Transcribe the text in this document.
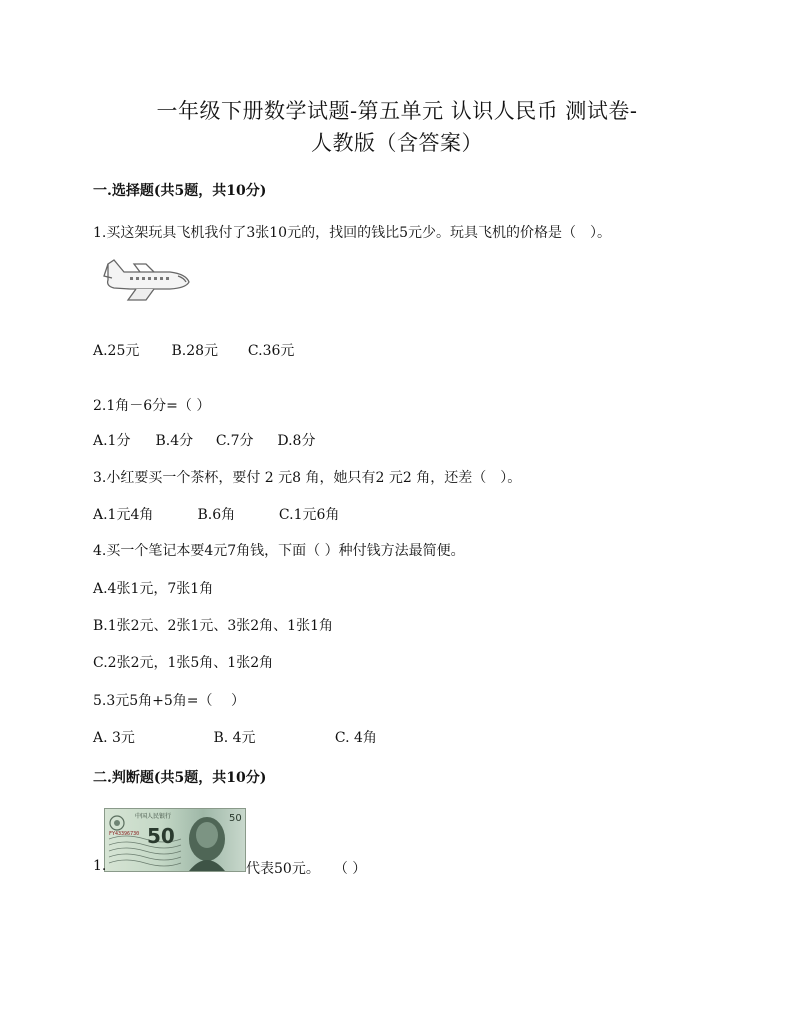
一年级下册数学试题-第五单元 认识人民币 测试卷-
人教版（含答案）
一.选择题(共5题，共10分)
1.买这架玩具飞机我付了3张10元的，找回的钱比5元少。玩具飞机的价格是（　）。
A.25元 B.28元 C.36元
2.1角－6分=（ ）
A.1分 B.4分 C.7分 D.8分
3.小红要买一个茶杯，要付 2 元8 角，她只有2 元2 角，还差（　）。
A.1元4角	B.6角	C.1元6角
4.买一个笔记本要4元7角钱，下面（ ）种付钱方法最简便。
A.4张1元，7张1角
B.1张2元、2张1元、3张2角、1张1角
C.2张2元，1张5角、1张2角
5.3元5角+5角=（　 ）
A. 3元	B. 4元	C. 4角
二.判断题(共5题，共10分)
中国人民银行
50
FY43396730
50
1.	代表50元。　　（ ）
